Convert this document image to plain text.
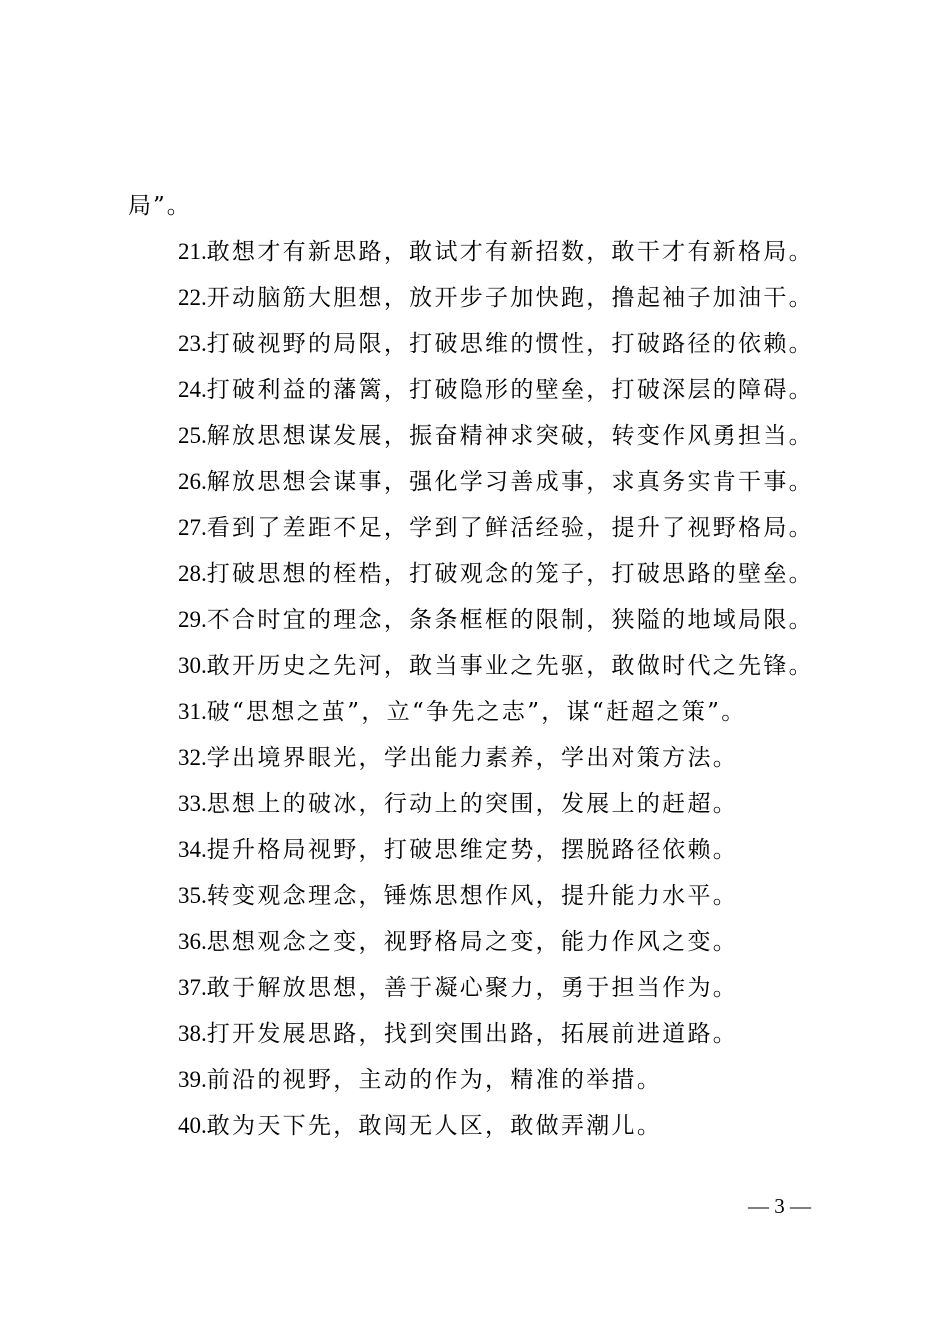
局”。
21.敢想才有新思路，敢试才有新招数，敢干才有新格局。
22.开动脑筋大胆想，放开步子加快跑，撸起袖子加油干。
23.打破视野的局限，打破思维的惯性，打破路径的依赖。
24.打破利益的藩篱，打破隐形的壁垒，打破深层的障碍。
25.解放思想谋发展，振奋精神求突破，转变作风勇担当。
26.解放思想会谋事，强化学习善成事，求真务实肯干事。
27.看到了差距不足，学到了鲜活经验，提升了视野格局。
28.打破思想的桎梏，打破观念的笼子，打破思路的壁垒。
29.不合时宜的理念，条条框框的限制，狭隘的地域局限。
30.敢开历史之先河，敢当事业之先驱，敢做时代之先锋。
31.破“思想之茧”，立“争先之志”，谋“赶超之策”。
32.学出境界眼光，学出能力素养，学出对策方法。
33.思想上的破冰，行动上的突围，发展上的赶超。
34.提升格局视野，打破思维定势，摆脱路径依赖。
35.转变观念理念，锤炼思想作风，提升能力水平。
36.思想观念之变，视野格局之变，能力作风之变。
37.敢于解放思想，善于凝心聚力，勇于担当作为。
38.打开发展思路，找到突围出路，拓展前进道路。
39.前沿的视野，主动的作为，精准的举措。
40.敢为天下先，敢闯无人区，敢做弄潮儿。
— 3 —
